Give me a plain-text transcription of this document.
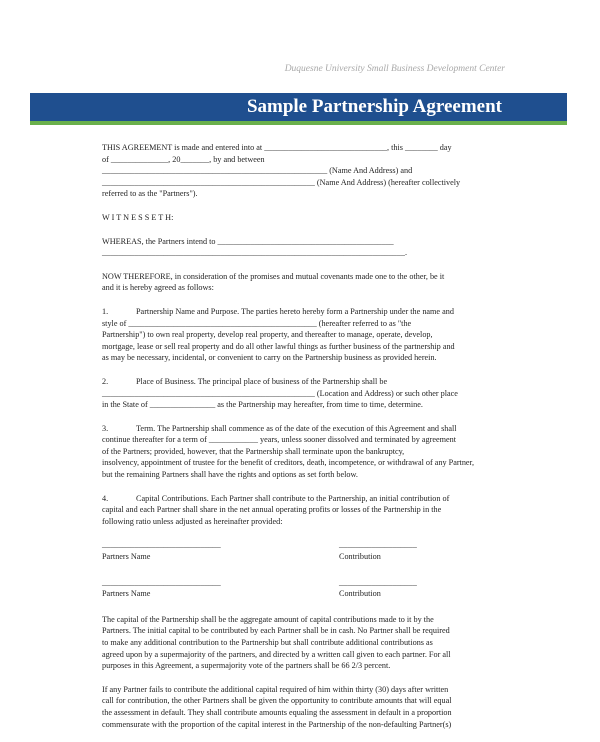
Duquesne University Small Business Development Center
Sample Partnership Agreement

THIS AGREEMENT is made and entered into at ______________________________, this ________ day
of ______________, 20_______, by and between
_______________________________________________________ (Name And Address) and
____________________________________________________ (Name And Address) (hereafter collectively
referred to as the "Partners").

W I T N E S S E T H:

WHEREAS, the Partners intend to ___________________________________________
__________________________________________________________________________.

NOW THEREFORE, in consideration of the promises and mutual covenants made one to the other, be it
and it is hereby agreed as follows:

1.	Partnership Name and Purpose. The parties hereto hereby form a Partnership under the name and
style of ______________________________________________ (hereafter referred to as "the
Partnership") to own real property, develop real property, and thereafter to manage, operate, develop,
mortgage, lease or sell real property and do all other lawful things as further business of the partnership and
as may be necessary, incidental, or convenient to carry on the Partnership business as provided herein.

2.	Place of Business. The principal place of business of the Partnership shall be
____________________________________________________ (Location and Address) or such other place
in the State of ________________ as the Partnership may hereafter, from time to time, determine.

3.	Term. The Partnership shall commence as of the date of the execution of this Agreement and shall
continue thereafter for a term of ____________ years, unless sooner dissolved and terminated by agreement
of the Partners; provided, however, that the Partnership shall terminate upon the bankruptcy,
insolvency, appointment of trustee for the benefit of creditors, death, incompetence, or withdrawal of any Partner,
but the remaining Partners shall have the rights and options as set forth below.

4.	Capital Contributions. Each Partner shall contribute to the Partnership, an initial contribution of
capital and each Partner shall share in the net annual operating profits or losses of the Partnership in the
following ratio unless adjusted as hereinafter provided:

_____________________________	___________________
Partners Name	Contribution
_____________________________	___________________
Partners Name	Contribution

The capital of the Partnership shall be the aggregate amount of capital contributions made to it by the
Partners. The initial capital to be contributed by each Partner shall be in cash. No Partner shall be required
to make any additional contribution to the Partnership but shall contribute additional contributions as
agreed upon by a supermajority of the partners, and directed by a written call given to each partner. For all
purposes in this Agreement, a supermajority vote of the partners shall be 66 2/3 percent.

If any Partner fails to contribute the additional capital required of him within thirty (30) days after written
call for contribution, the other Partners shall be given the opportunity to contribute amounts that will equal
the assessment in default. They shall contribute amounts equaling the assessment in default in a proportion
commensurate with the proportion of the capital interest in the Partnership of the non-defaulting Partner(s)
